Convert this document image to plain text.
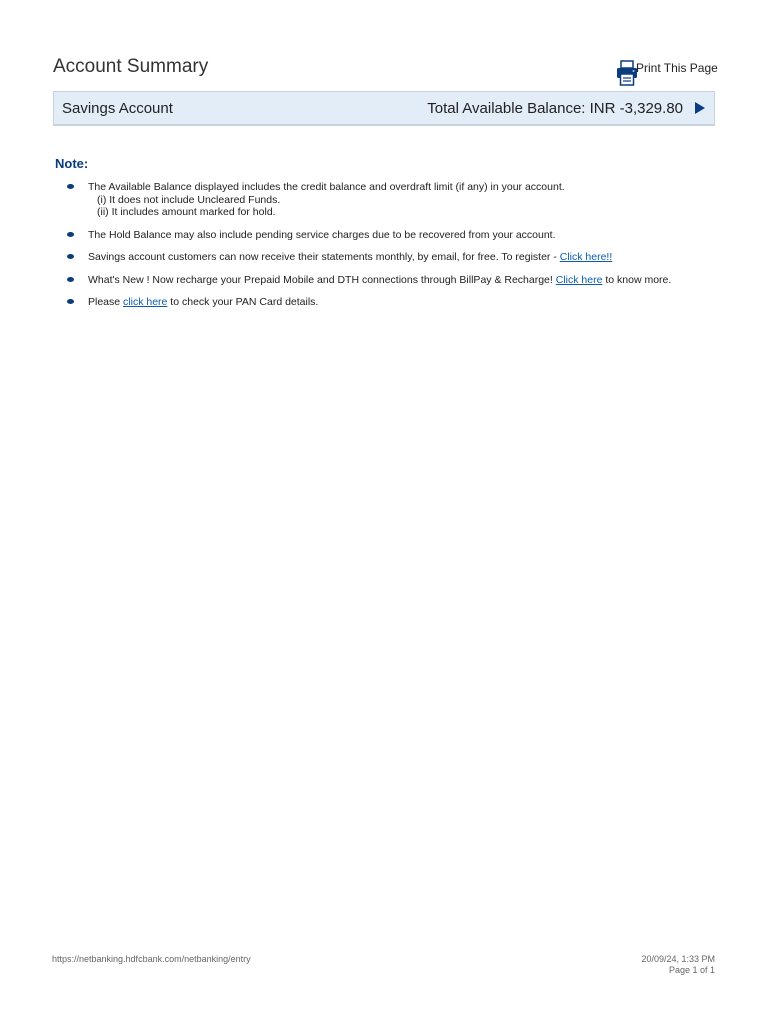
Account Summary	Print This Page
Savings Account	Total Available Balance: INR -3,329.80
Note:
The Available Balance displayed includes the credit balance and overdraft limit (if any) in your account.
(i) It does not include Uncleared Funds.
(ii) It includes amount marked for hold.
The Hold Balance may also include pending service charges due to be recovered from your account.
Savings account customers can now receive their statements monthly, by email, for free. To register - Click here!!
What's New ! Now recharge your Prepaid Mobile and DTH connections through BillPay & Recharge! Click here to know more.
Please click here to check your PAN Card details.
https://netbanking.hdfcbank.com/netbanking/entry	20/09/24, 1:33 PM
Page 1 of 1
